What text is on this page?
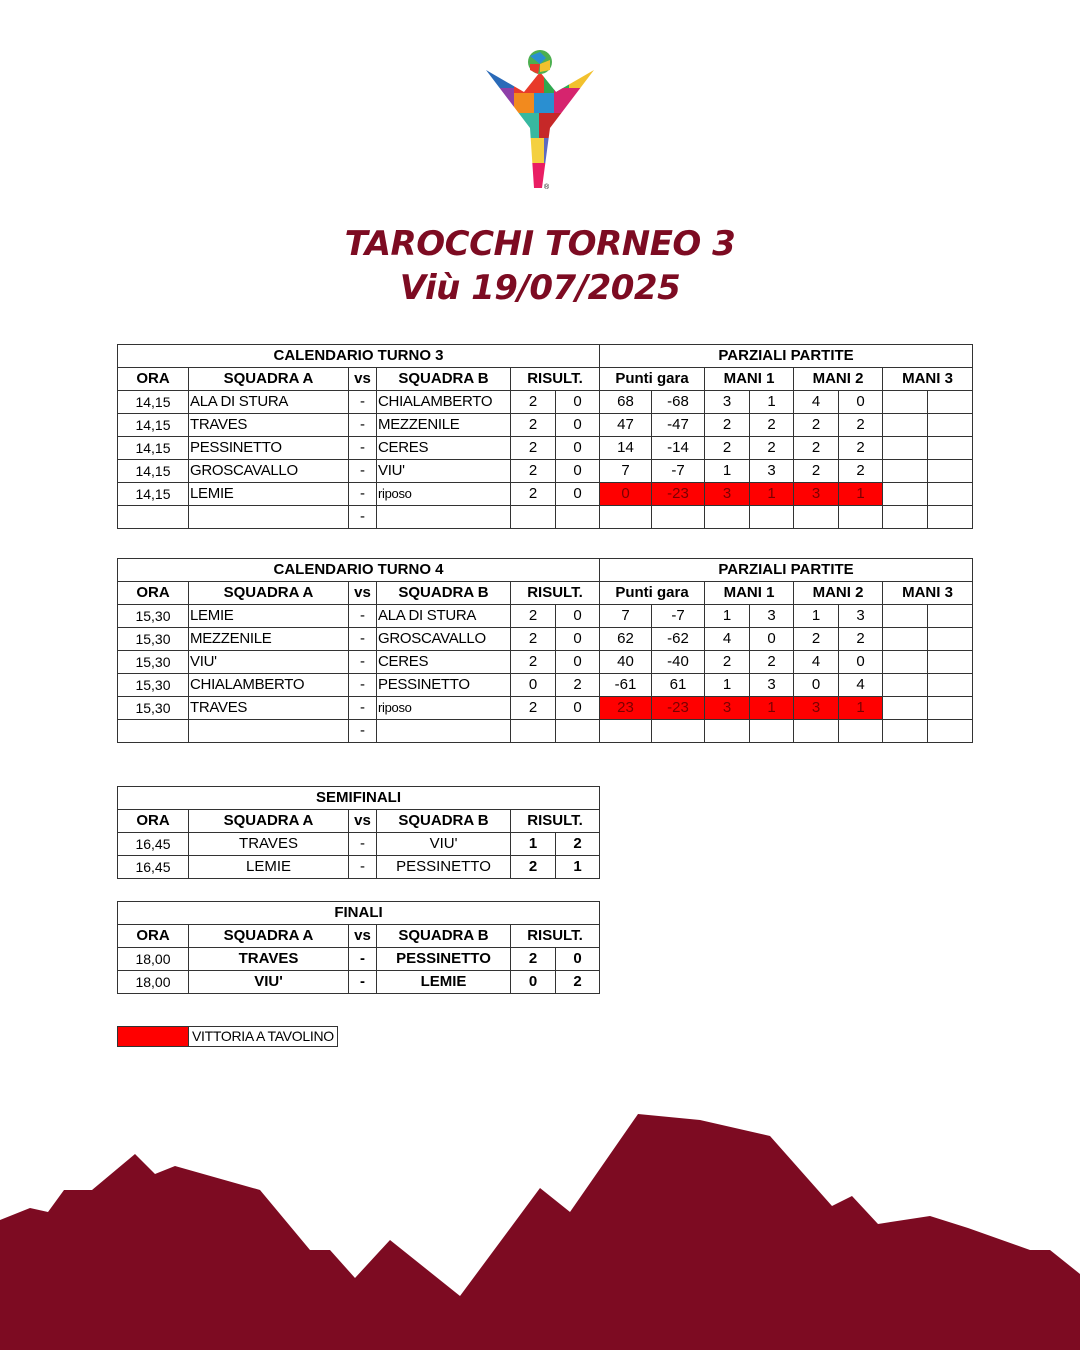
®
TAROCCHI TORNEO 3
Viù 19/07/2025
CALENDARIO TURNO 3						PARZIALI PARTITE							
ORA	SQUADRA A	vs	SQUADRA B	RISULT.		Punti gara		MANI 1		MANI 2		MANI 3	
14,15	ALA DI STURA	-	CHIALAMBERTO	2	0	68	-68	3	1	4	0		
14,15	TRAVES	-	MEZZENILE	2	0	47	-47	2	2	2	2		
14,15	PESSINETTO	-	CERES	2	0	14	-14	2	2	2	2		
14,15	GROSCAVALLO	-	VIU'	2	0	7	-7	1	3	2	2		
14,15	LEMIE	-	riposo	2	0	0	-23	3	1	3	1		
		-											
CALENDARIO TURNO 4						PARZIALI PARTITE							
ORA	SQUADRA A	vs	SQUADRA B	RISULT.		Punti gara		MANI 1		MANI 2		MANI 3	
15,30	LEMIE	-	ALA DI STURA	2	0	7	-7	1	3	1	3		
15,30	MEZZENILE	-	GROSCAVALLO	2	0	62	-62	4	0	2	2		
15,30	VIU'	-	CERES	2	0	40	-40	2	2	4	0		
15,30	CHIALAMBERTO	-	PESSINETTO	0	2	-61	61	1	3	0	4		
15,30	TRAVES	-	riposo	2	0	23	-23	3	1	3	1		
		-											
SEMIFINALI					
ORA	SQUADRA A	vs	SQUADRA B	RISULT.	
16,45	TRAVES	-	VIU'	1	2
16,45	LEMIE	-	PESSINETTO	2	1
FINALI					
ORA	SQUADRA A	vs	SQUADRA B	RISULT.	
18,00	TRAVES	-	PESSINETTO	2	0
18,00	VIU'	-	LEMIE	0	2
VITTORIA A TAVOLINO
